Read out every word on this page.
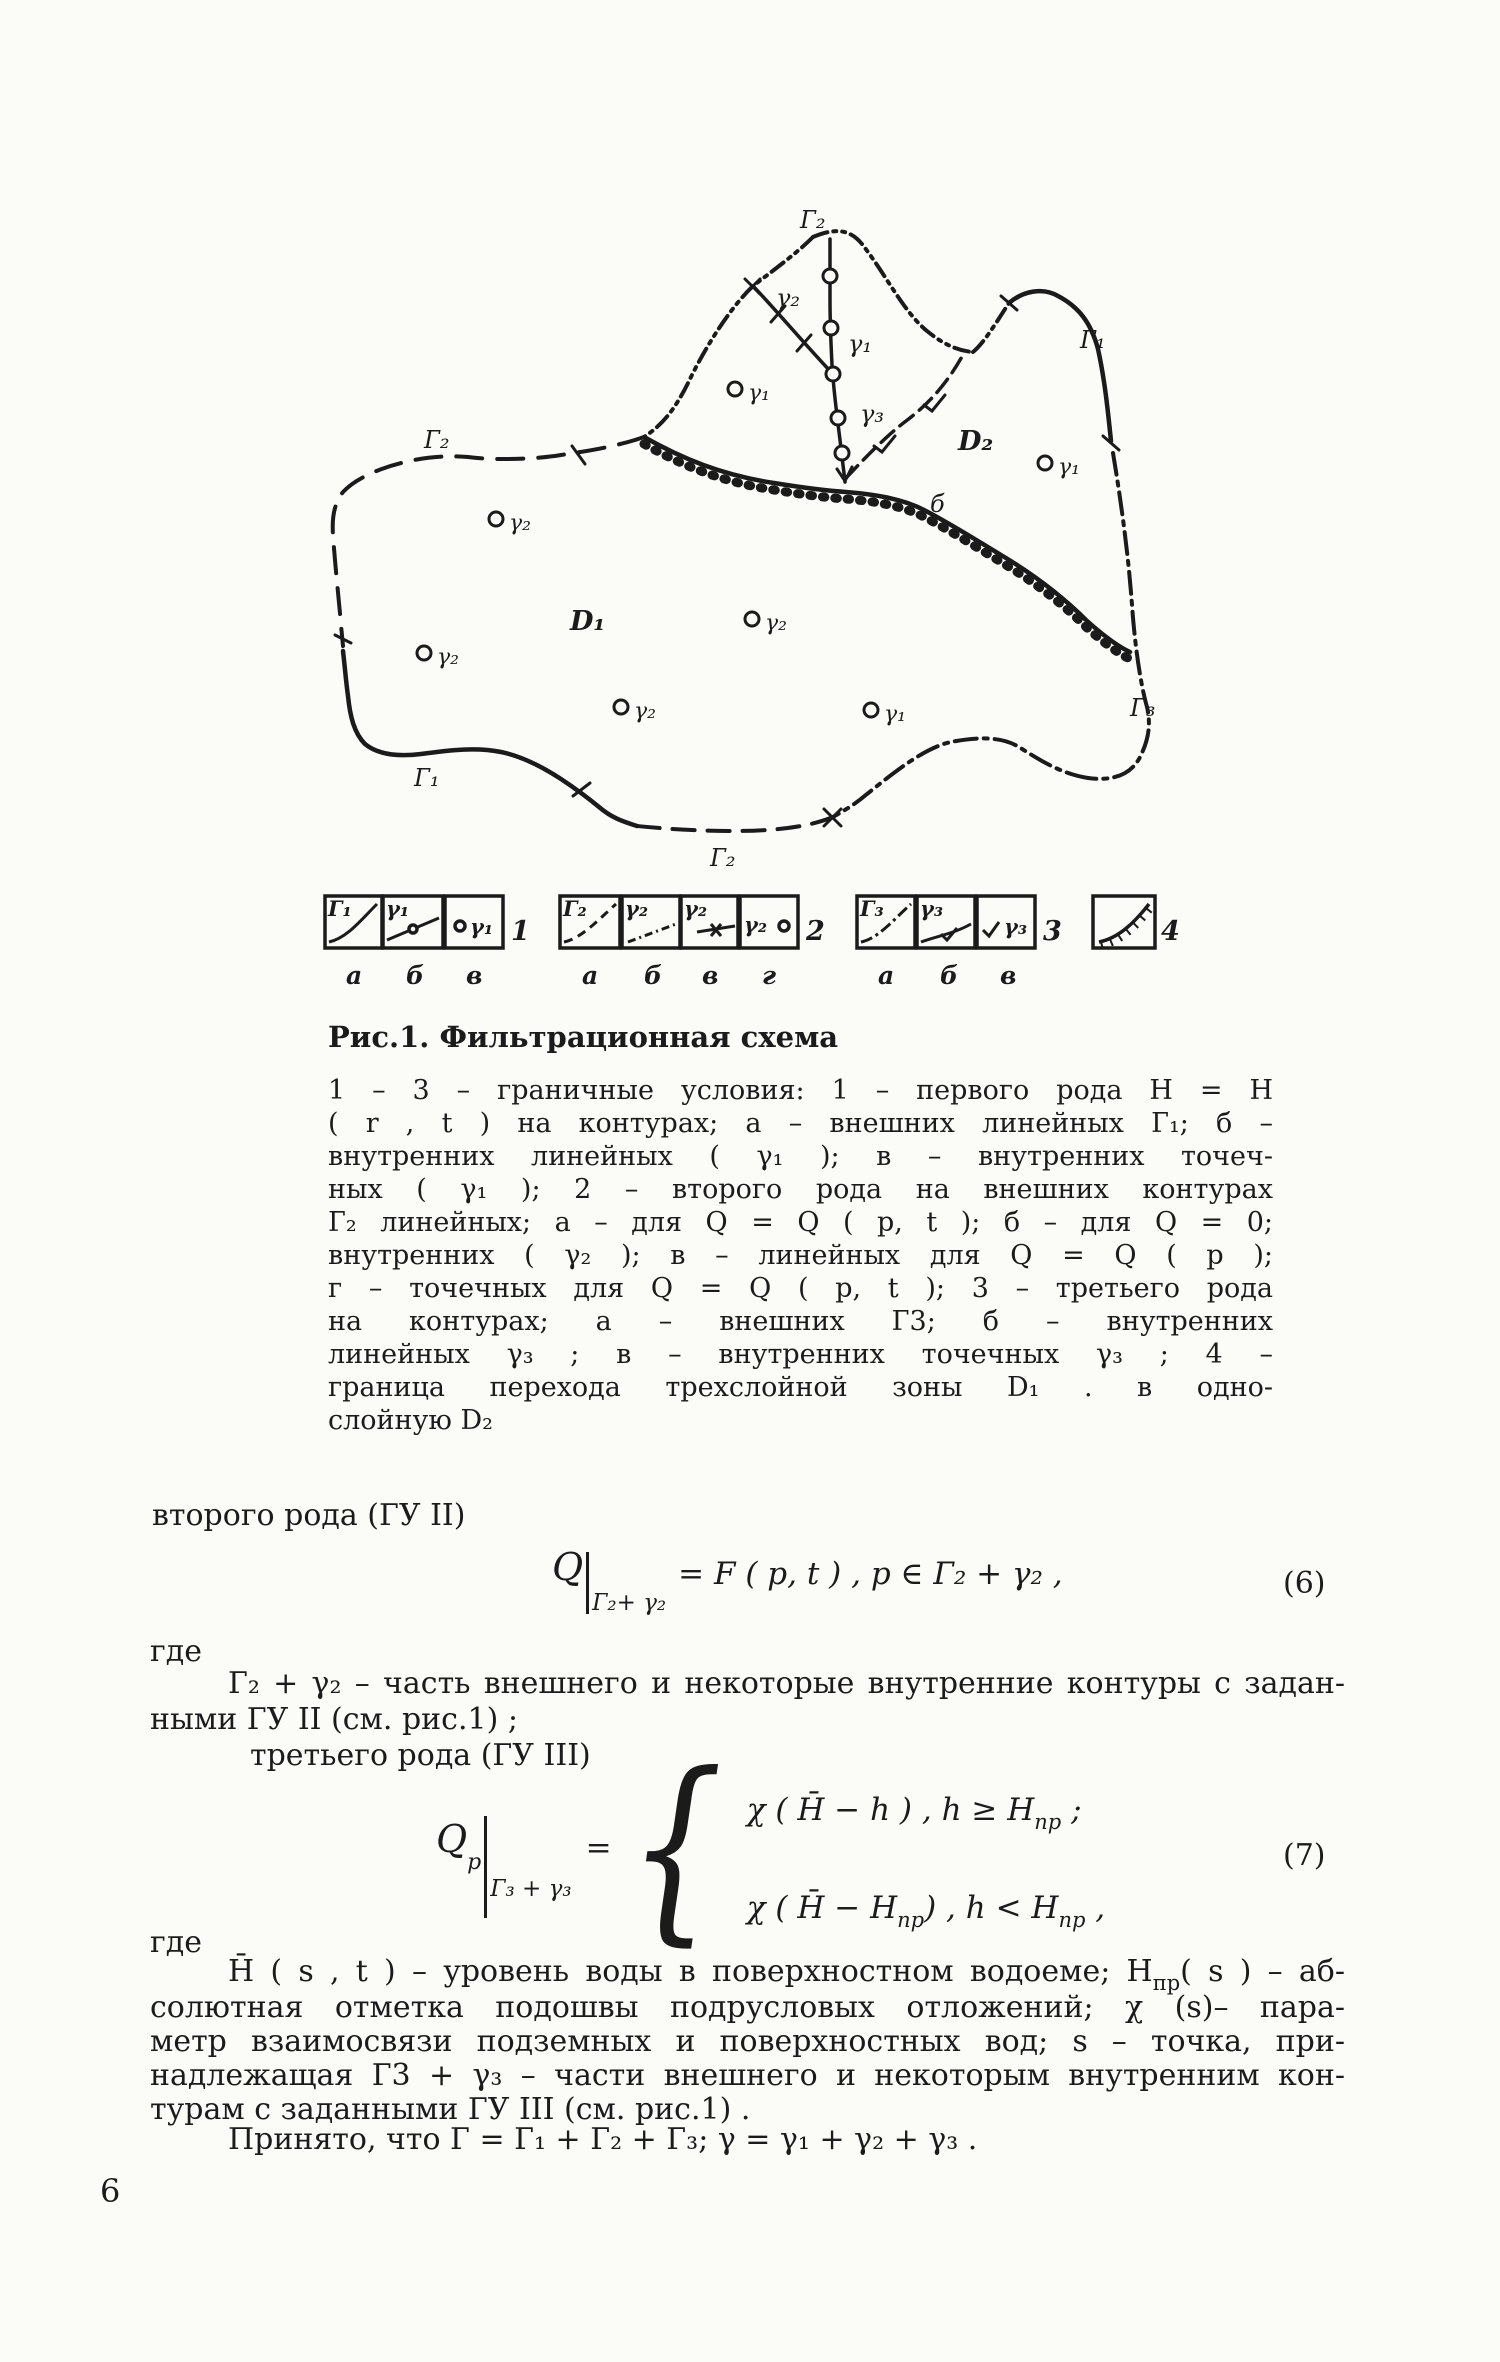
Г₂
Г₂
Г₁
Г₃
Г₁
Г₂
γ₂
γ₁
γ₃
б
D₁
D₂
γ₁
γ₁
γ₂
γ₂
γ₂
γ₂	γ₁
Г₁ γ₁
γ₁
Г₂ γ₂ γ₂
γ₂
Г₃ γ₃
γ₃
1	2	3	4
а б в	а б в г	а б в
Рис.1. Фильтрационная схема
1 – 3 – граничные условия: 1 – первого рода Н = Н
( r , t ) на контурах; а – внешних линейных Г₁; б –
внутренних линейных ( γ₁ ); в – внутренних точеч-
ных ( γ₁ ); 2 – второго рода на внешних контурах
Г₂ линейных; а – для Q = Q ( p, t ); б – для Q = 0;
внутренних ( γ₂ ); в – линейных для Q = Q ( р );
г – точечных для Q = Q ( p, t ); 3 – третьего рода
на контурах; а – внешних Г3; б – внутренних
линейных γ₃ ; в – внутренних точечных γ₃ ; 4 –
граница перехода трехслойной зоны D₁ . в одно-
слойную D₂
второго рода (ГУ II)
Q
Г₂+ γ₂
= F ( p, t ) , p ∈ Г₂ + γ₂ ,	(6)
где
Г₂ + γ₂ – часть внешнего и некоторые внутренние контуры с задан-
ными ГУ II (см. рис.1) ;
третьего рода (ГУ III)
Q
р
Г₃ + γ₃
= { χ ( H̄ − h ) , $h \ge H_{пр}$ ;
χ ( H̄ − $H_{пр}$) , $h < H_{пр}$ ,
(7)
где
H̄ ( s , t ) – уровень воды в поверхностном водоеме; $H_{пр}$( s ) – аб-
солютная отметка подошвы подрусловых отложений; χ (s)– пара-
метр взаимосвязи подземных и поверхностных вод; s – точка, при-
надлежащая Г3 + γ₃ – части внешнего и некоторым внутренним кон-
турам с заданными ГУ III (см. рис.1) .
Принято, что Г = Г₁ + Г₂ + Г₃; γ = γ₁ + γ₂ + γ₃ .
6
